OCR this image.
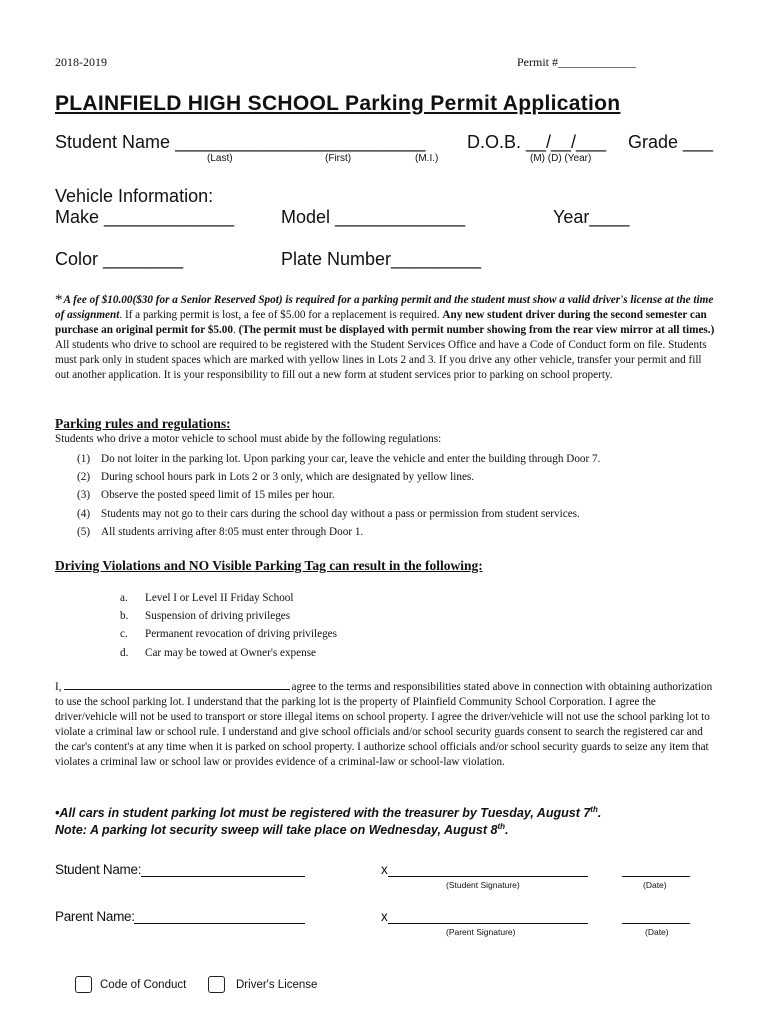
2018-2019	Permit #_____________
PLAINFIELD HIGH SCHOOL Parking Permit Application
Student Name _________________________ D.O.B. __/__/___ Grade ___
(Last)	(First)	(M.I.)	(M) (D) (Year)
Vehicle Information:
Make _____________	Model _____________	Year____
Color ________	Plate Number_________
*A fee of $10.00($30 for a Senior Reserved Spot) is required for a parking permit and the student must show a valid driver's license at the time of assignment. If a parking permit is lost, a fee of $5.00 for a replacement is required. Any new student driver during the second semester can purchase an original permit for $5.00. (The permit must be displayed with permit number showing from the rear view mirror at all times.) All students who drive to school are required to be registered with the Student Services Office and have a Code of Conduct form on file. Students must park only in student spaces which are marked with yellow lines in Lots 2 and 3. If you drive any other vehicle, transfer your permit and fill out another application. It is your responsibility to fill out a new form at student services prior to parking on school property.
Parking rules and regulations:
Students who drive a motor vehicle to school must abide by the following regulations:
(1) Do not loiter in the parking lot. Upon parking your car, leave the vehicle and enter the building through Door 7.
(2) During school hours park in Lots 2 or 3 only, which are designated by yellow lines.
(3) Observe the posted speed limit of 15 miles per hour.
(4) Students may not go to their cars during the school day without a pass or permission from student services.
(5) All students arriving after 8:05 must enter through Door 1.
Driving Violations and NO Visible Parking Tag can result in the following:
a. Level I or Level II Friday School
b. Suspension of driving privileges
c. Permanent revocation of driving privileges
d. Car may be towed at Owner's expense
I,	agree to the terms and responsibilities stated above in connection with obtaining authorization to use the school parking lot. I understand that the parking lot is the property of Plainfield Community School Corporation. I agree the driver/vehicle will not be used to transport or store illegal items on school property. I agree the driver/vehicle will not use the school parking lot to violate a criminal law or school rule. I understand and give school officials and/or school security guards consent to search the registered car and the car's content's at any time when it is parked on school property. I authorize school officials and/or school security guards to seize any item that violates a criminal law or school law or provides evidence of a criminal-law or school-law violation.
•All cars in student parking lot must be registered with the treasurer by Tuesday, August 7th.
Note: A parking lot security sweep will take place on Wednesday, August 8th.
Student Name:	x
(Student Signature)	(Date)
Parent Name:	x
(Parent Signature)	(Date)
Code of Conduct	Driver's License
